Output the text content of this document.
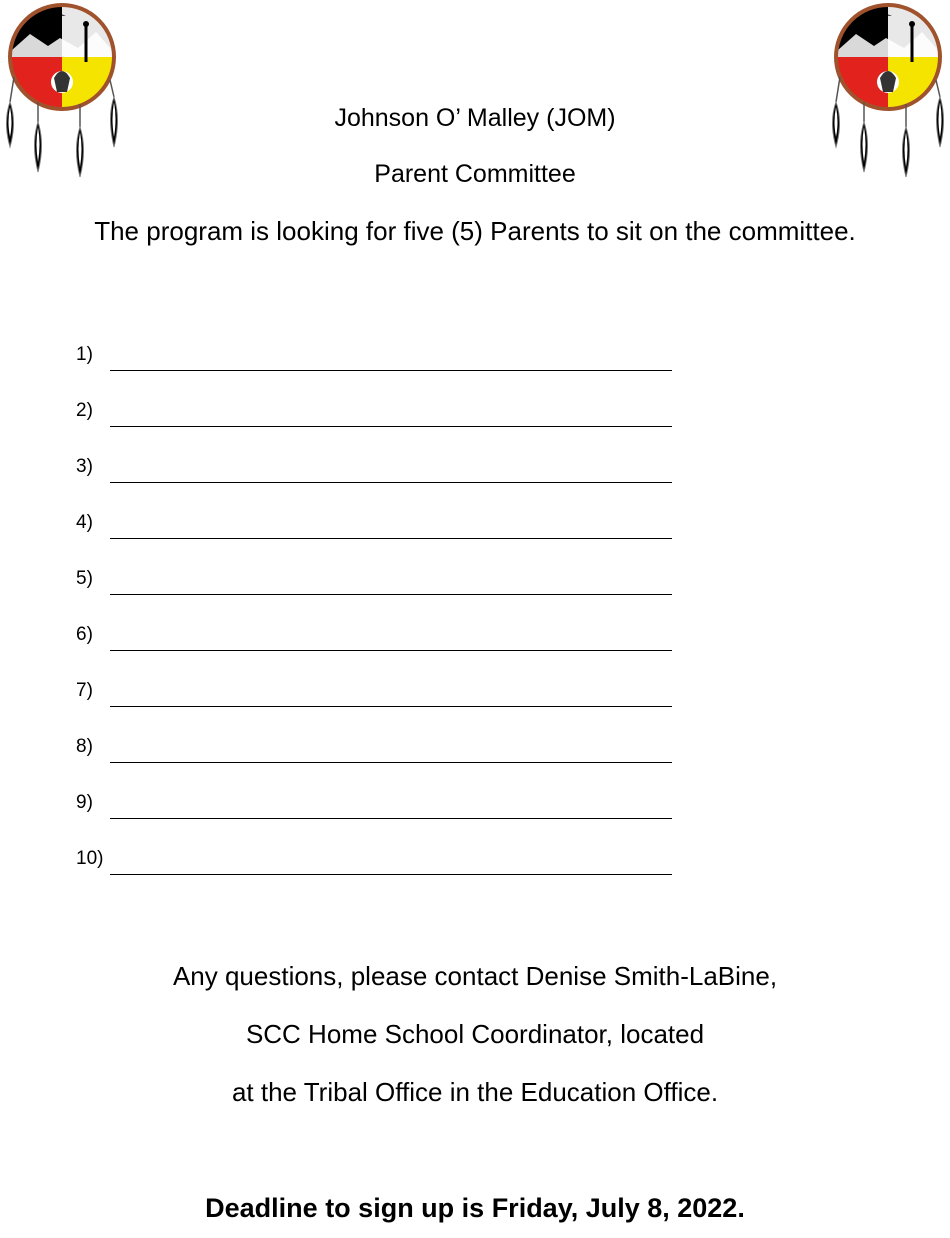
Johnson O’ Malley (JOM)
Parent Committee
The program is looking for five (5) Parents to sit on the committee.
1)
2)
3)
4)
5)
6)
7)
8)
9)
10)
Any questions, please contact Denise Smith-LaBine,
SCC Home School Coordinator, located
at the Tribal Office in the Education Office.
Deadline to sign up is Friday, July 8, 2022.
